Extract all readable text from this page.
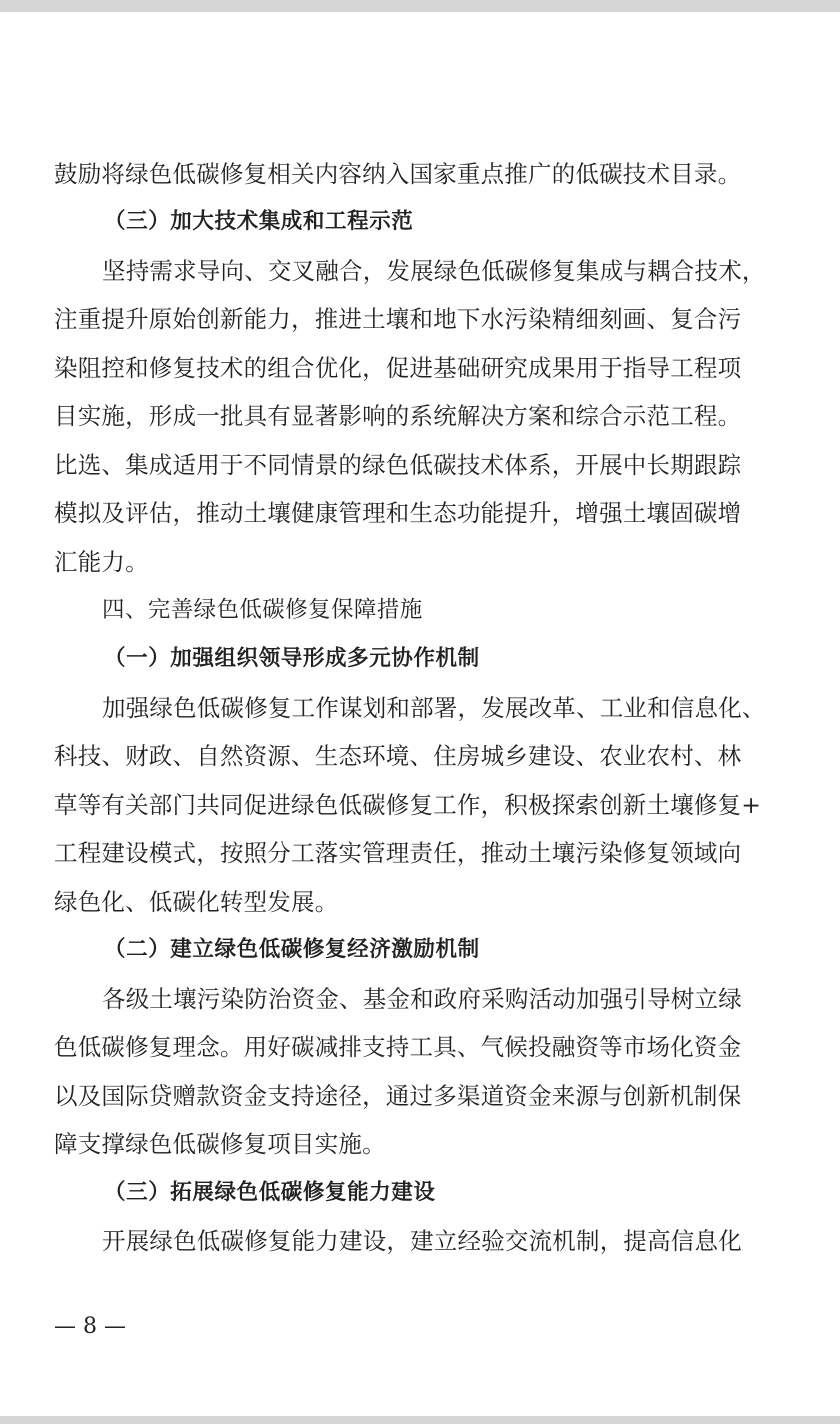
鼓励将绿色低碳修复相关内容纳入国家重点推广的低碳技术目录。
（三）加大技术集成和工程示范
坚持需求导向、交叉融合，发展绿色低碳修复集成与耦合技术，
注重提升原始创新能力，推进土壤和地下水污染精细刻画、复合污
染阻控和修复技术的组合优化，促进基础研究成果用于指导工程项
目实施，形成一批具有显著影响的系统解决方案和综合示范工程。
比选、集成适用于不同情景的绿色低碳技术体系，开展中长期跟踪
模拟及评估，推动土壤健康管理和生态功能提升，增强土壤固碳增
汇能力。
四、完善绿色低碳修复保障措施
（一）加强组织领导形成多元协作机制
加强绿色低碳修复工作谋划和部署，发展改革、工业和信息化、
科技、财政、自然资源、生态环境、住房城乡建设、农业农村、林
草等有关部门共同促进绿色低碳修复工作，积极探索创新土壤修复+
工程建设模式，按照分工落实管理责任，推动土壤污染修复领域向
绿色化、低碳化转型发展。
（二）建立绿色低碳修复经济激励机制
各级土壤污染防治资金、基金和政府采购活动加强引导树立绿
色低碳修复理念。用好碳减排支持工具、气候投融资等市场化资金
以及国际贷赠款资金支持途径，通过多渠道资金来源与创新机制保
障支撑绿色低碳修复项目实施。
（三）拓展绿色低碳修复能力建设
开展绿色低碳修复能力建设，建立经验交流机制，提高信息化
— 8 —
